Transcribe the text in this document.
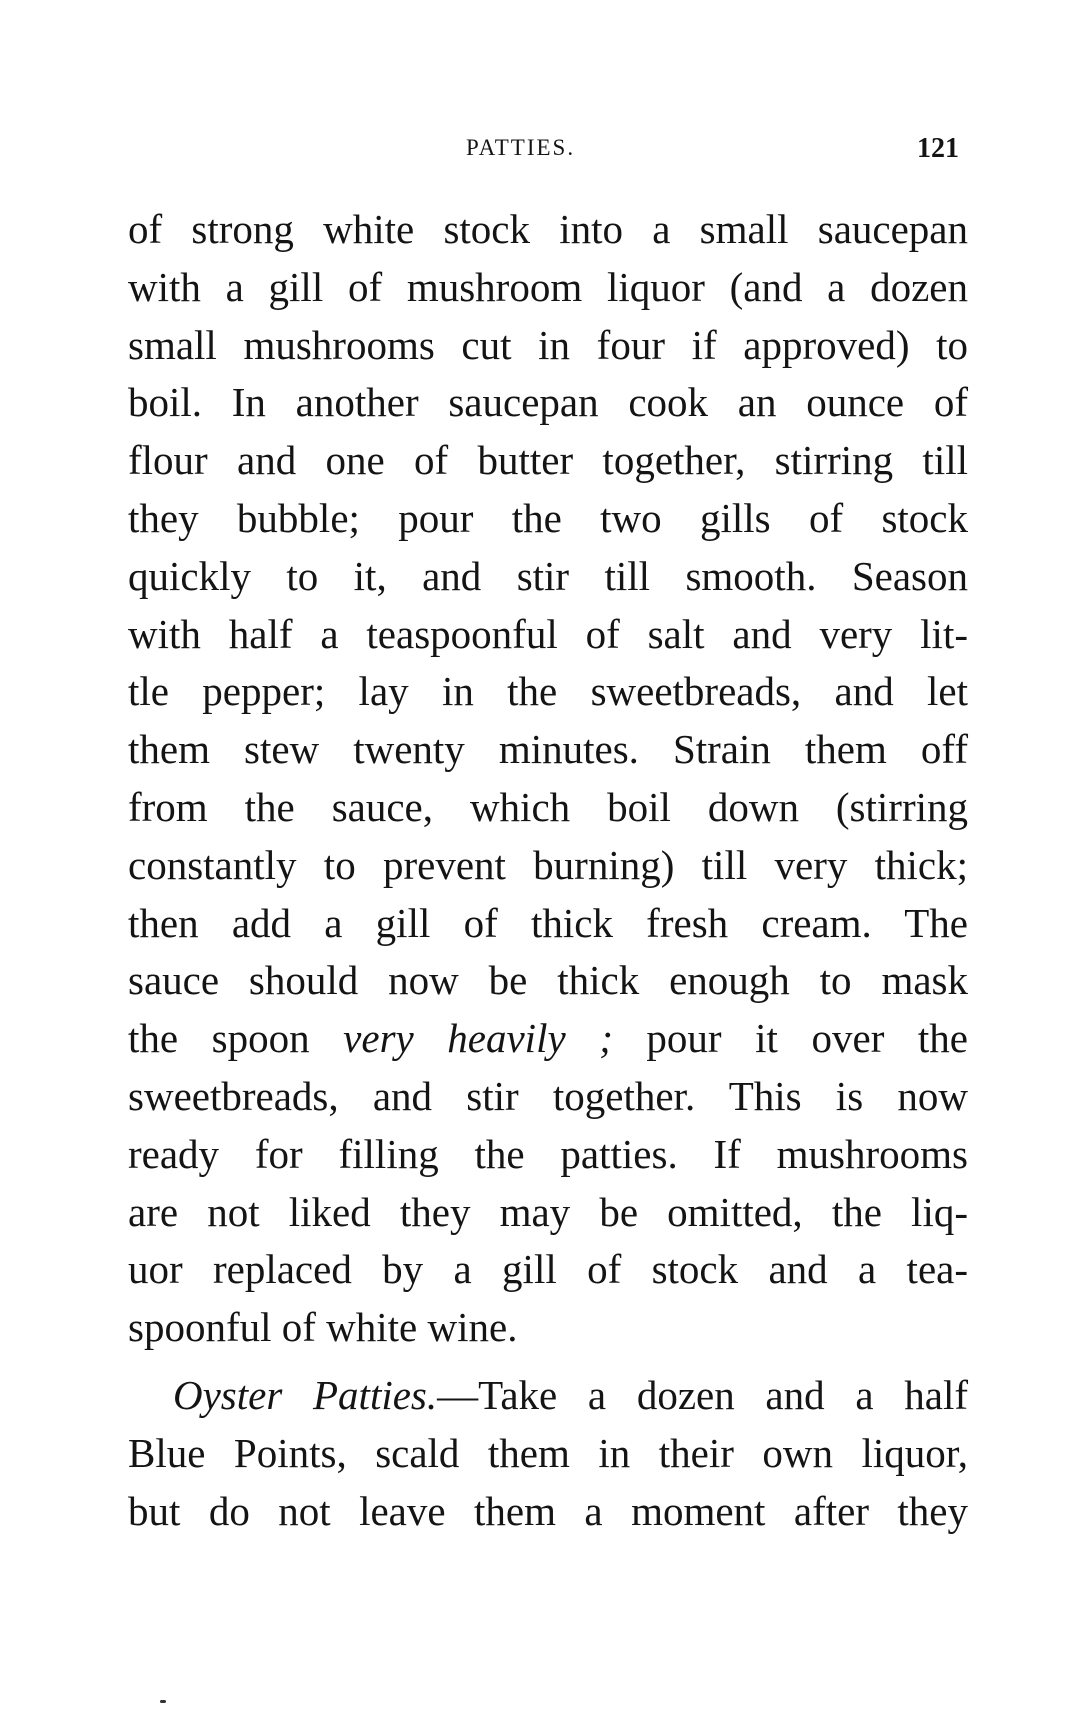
PATTIES.	121
of strong white stock into a small saucepan
with a gill of mushroom liquor (and a dozen
small mushrooms cut in four if approved) to
boil. In another saucepan cook an ounce of
flour and one of butter together, stirring till
they bubble; pour the two gills of stock
quickly to it, and stir till smooth. Season
with half a teaspoonful of salt and very lit-
tle pepper; lay in the sweetbreads, and let
them stew twenty minutes. Strain them off
from the sauce, which boil down (stirring
constantly to prevent burning) till very thick;
then add a gill of thick fresh cream. The
sauce should now be thick enough to mask
the spoon very heavily ; pour it over the
sweetbreads, and stir together. This is now
ready for filling the patties. If mushrooms
are not liked they may be omitted, the liq-
uor replaced by a gill of stock and a tea-
spoonful of white wine.
Oyster Patties.—Take a dozen and a half
Blue Points, scald them in their own liquor,
but do not leave them a moment after they
